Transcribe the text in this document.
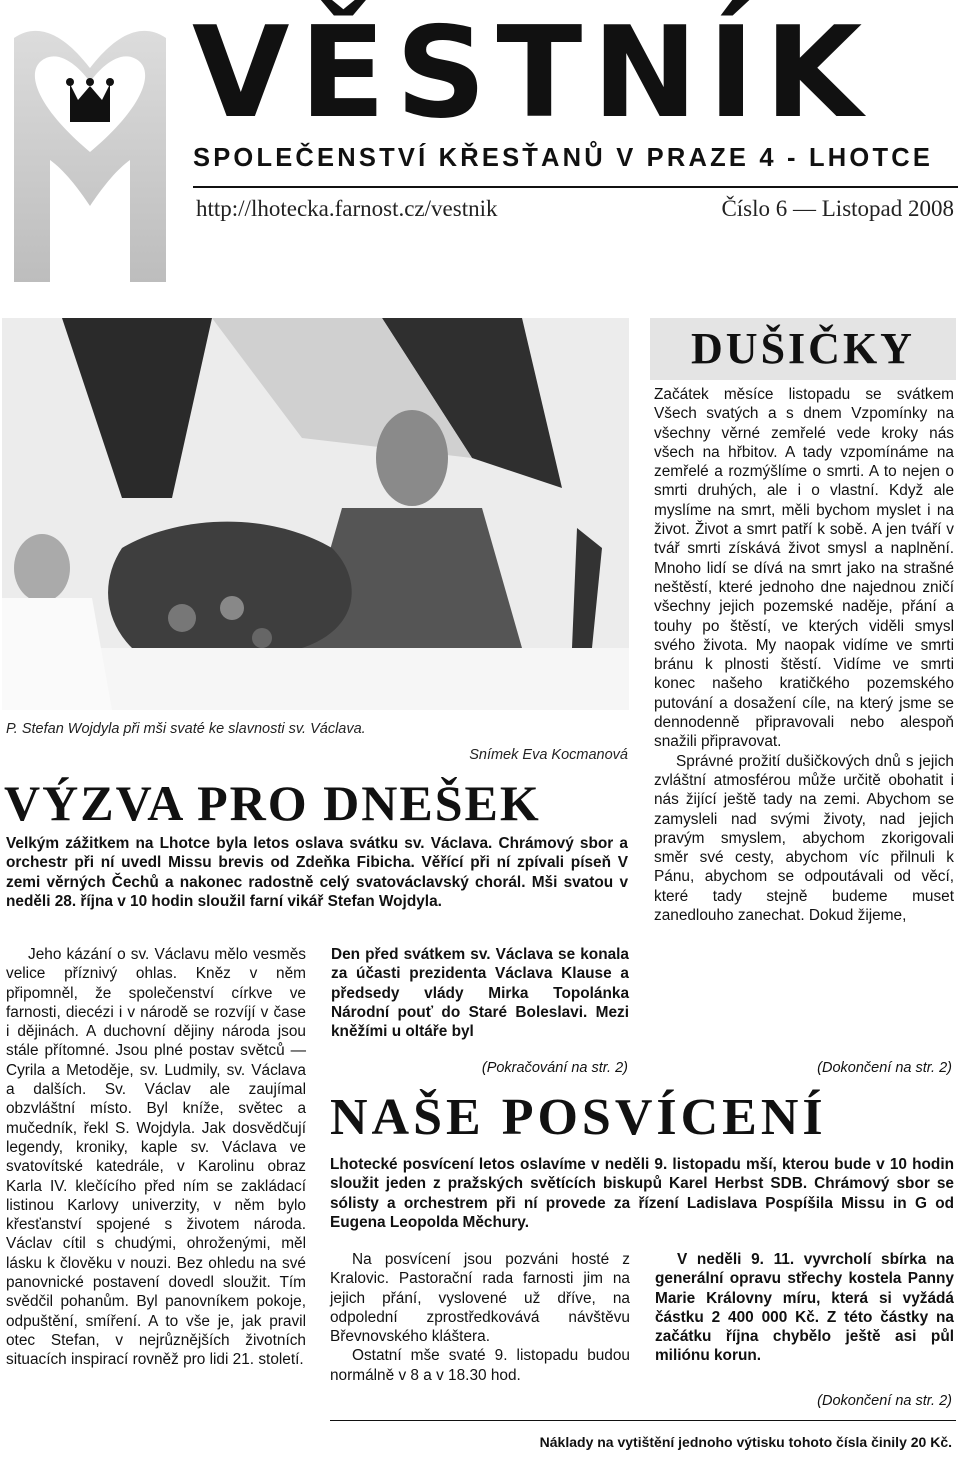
VĚSTNÍK
SPOLEČENSTVÍ KŘESŤANŮ V PRAZE 4 - LHOTCE
http://lhotecka.farnost.cz/vestnik	Číslo 6 — Listopad 2008
P. Stefan Wojdyla při mši svaté ke slavnosti sv. Václava.
Snímek Eva Kocmanová
DUŠIČKY

Začátek měsíce listopadu se svátkem Všech svatých a s dnem Vzpomínky na všechny věrné zemřelé vede kroky nás všech na hřbitov. A tady vzpomínáme na zemřelé a rozmýšlíme o smrti. A to nejen o smrti druhých, ale i o vlastní. Když ale myslíme na smrt, měli bychom myslet i na život. Život a smrt patří k sobě. A jen tváří v tvář smrti získává život smysl a naplnění. Mnoho lidí se dívá na smrt jako na strašné neštěstí, které jednoho dne najednou zničí všechny jejich pozemské naděje, přání a touhy po štěstí, ve kterých viděli smysl svého života. My naopak vidíme ve smrti bránu k plnosti štěstí. Vidíme ve smrti konec našeho kratičkého pozemského putování a dosažení cíle, na který jsme se dennodenně připravovali nebo alespoň snažili připravovat.

Správné prožití dušičkových dnů s jejich zvláštní atmosférou může určitě obohatit i nás žijící ještě tady na zemi. Abychom se zamysleli nad svými životy, nad jejich pravým smyslem, abychom zkorigovali směr své cesty, abychom víc přilnuli k Pánu, abychom se odpoutávali od věcí, které tady stejně budeme muset zanedlouho zanechat. Dokud žijeme,

(Dokončení na str. 2)
VÝZVA PRO DNEŠEK

Velkým zážitkem na Lhotce byla letos oslava svátku sv. Václava. Chrámový sbor a orchestr při ní uvedl Missu brevis od Zdeňka Fibicha. Věřící při ní zpívali píseň V zemi věrných Čechů a nakonec radostně celý svatováclavský chorál. Mši svatou v neděli 28. října v 10 hodin sloužil farní vikář Stefan Wojdyla.

Jeho kázání o sv. Václavu mělo vesměs velice příznivý ohlas. Kněz v něm připomněl, že společenství církve ve farnosti, diecézi i v národě se rozvíjí v čase i dějinách. A duchovní dějiny národa jsou stále přítomné. Jsou plné postav světců — Cyrila a Metoděje, sv. Ludmily, sv. Václava a dalších. Sv. Václav ale zaujímal obzvláštní místo. Byl kníže, světec a mučedník, řekl S. Wojdyla. Jak dosvědčují legendy, kroniky, kaple sv. Václava ve svatovítské katedrále, v Karolinu obraz Karla IV. klečícího před ním se zakládací listinou Karlovy univerzity, v něm bylo křesťanství spojené s životem národa. Václav cítil s chudými, ohroženými, měl lásku k člověku v nouzi. Bez ohledu na své panovnické postavení dovedl sloužit. Tím svědčil pohanům. Byl panovníkem pokoje, odpuštění, smíření. A to vše je, jak pravil otec Stefan, v nejrůznějších životních situacích inspirací rovněž pro lidi 21. století.

Den před svátkem sv. Václava se konala za účasti prezidenta Václava Klause a předsedy vlády Mirka Topolánka Národní pouť do Staré Boleslavi. Mezi kněžími u oltáře byl

(Pokračování na str. 2)
NAŠE POSVÍCENÍ

Lhotecké posvícení letos oslavíme v neděli 9. listopadu mší, kterou bude v 10 hodin sloužit jeden z pražských světících biskupů Karel Herbst SDB. Chrámový sbor se sólisty a orchestrem při ní provede za řízení Ladislava Pospíšila Missu in G od Eugena Leopolda Měchury.

Na posvícení jsou pozváni hosté z Kralovic. Pastorační rada farnosti jim na jejich přání, vyslovené už dříve, na odpolední zprostředkovává návštěvu Břevnovského kláštera.

Ostatní mše svaté 9. listopadu budou normálně v 8 a v 18.30 hod.

V neděli 9. 11. vyvrcholí sbírka na generální opravu střechy kostela Panny Marie Královny míru, která si vyžádá částku 2 400 000 Kč. Z této částky na začátku října chybělo ještě asi půl miliónu korun.

(Dokončení na str. 2)
Náklady na vytištění jednoho výtisku tohoto čísla činily 20 Kč.
